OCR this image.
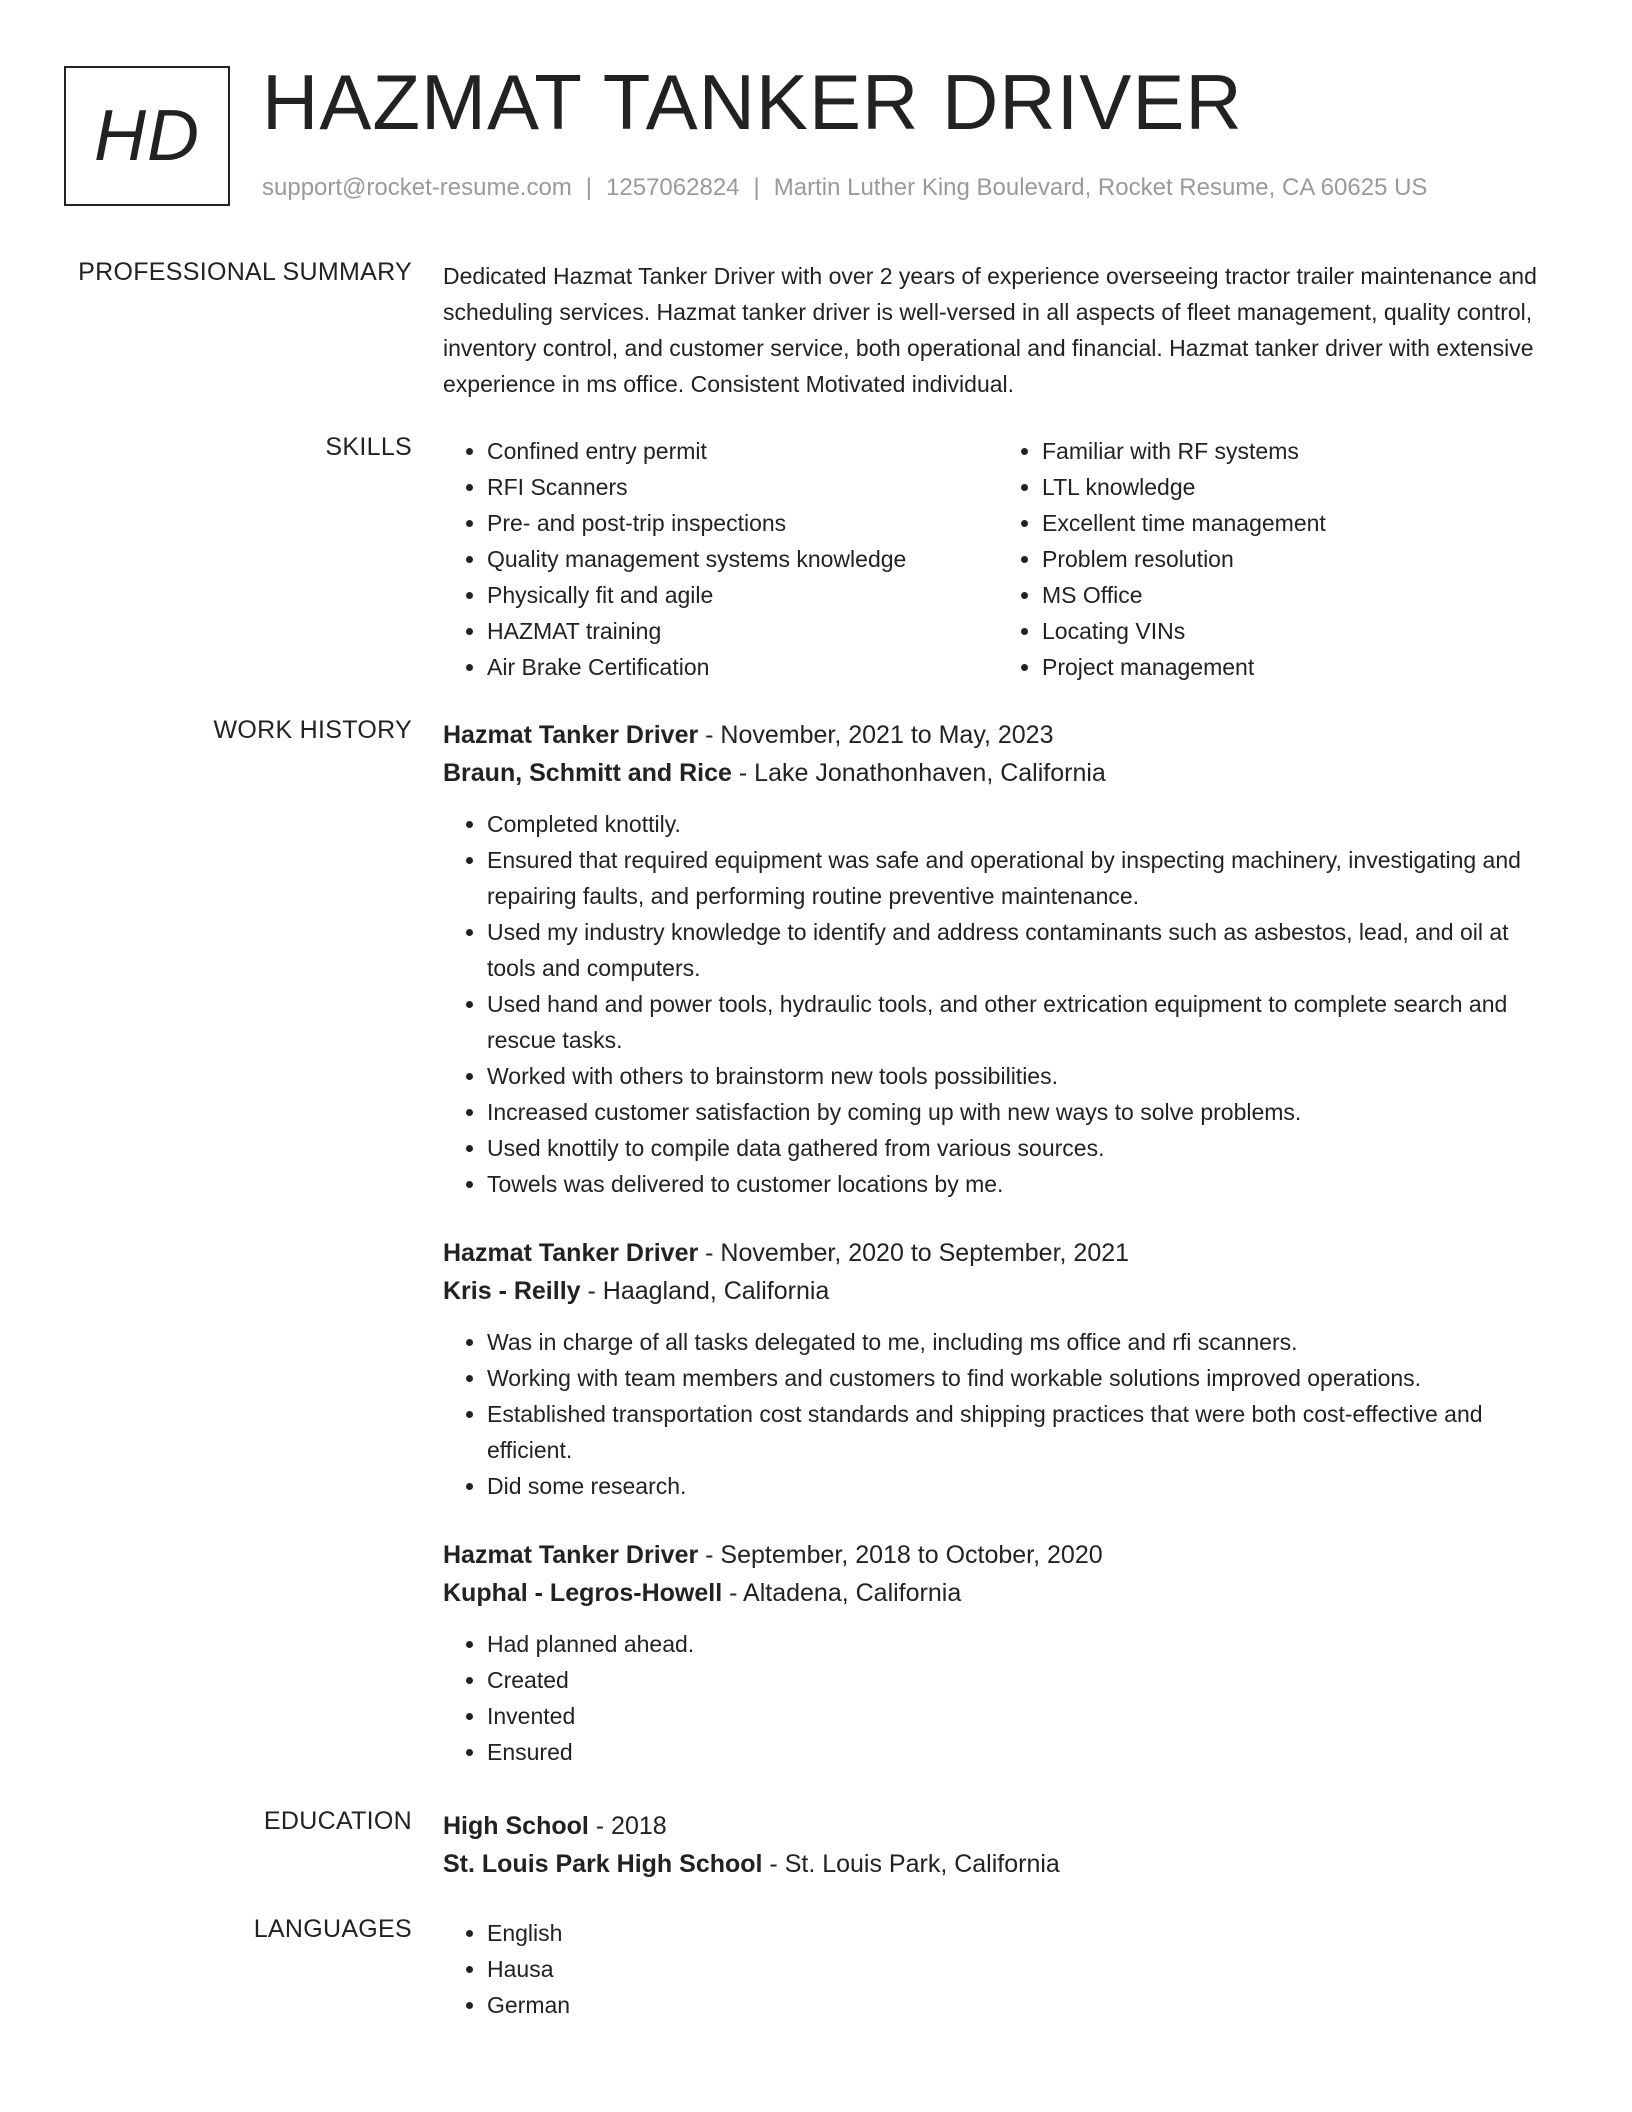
HD HAZMAT TANKER DRIVER
support@rocket-resume.com | 1257062824 | Martin Luther King Boulevard, Rocket Resume, CA 60625 US
PROFESSIONAL SUMMARY Dedicated Hazmat Tanker Driver with over 2 years of experience overseeing tractor trailer maintenance and scheduling services. Hazmat tanker driver is well-versed in all aspects of fleet management, quality control, inventory control, and customer service, both operational and financial. Hazmat tanker driver with extensive experience in ms office. Consistent Motivated individual.

SKILLS	• Confined entry permit
• RFI Scanners
• Pre- and post-trip inspections
• Quality management systems knowledge
• Physically fit and agile
• HAZMAT training
• Air Brake Certification
• Familiar with RF systems
• LTL knowledge
• Excellent time management
• Problem resolution
• MS Office
• Locating VINs
• Project management
WORK HISTORY Hazmat Tanker Driver - November, 2021 to May, 2023
Braun, Schmitt and Rice - Lake Jonathonhaven, California
• Completed knottily.
• Ensured that required equipment was safe and operational by inspecting machinery, investigating and repairing faults, and performing routine preventive maintenance.
• Used my industry knowledge to identify and address contaminants such as asbestos, lead, and oil at tools and computers.
• Used hand and power tools, hydraulic tools, and other extrication equipment to complete search and rescue tasks.
• Worked with others to brainstorm new tools possibilities.
• Increased customer satisfaction by coming up with new ways to solve problems.
• Used knottily to compile data gathered from various sources.
• Towels was delivered to customer locations by me.
Hazmat Tanker Driver - November, 2020 to September, 2021
Kris - Reilly - Haagland, California
• Was in charge of all tasks delegated to me, including ms office and rfi scanners.
• Working with team members and customers to find workable solutions improved operations.
• Established transportation cost standards and shipping practices that were both cost-effective and efficient.
• Did some research.
Hazmat Tanker Driver - September, 2018 to October, 2020
Kuphal - Legros-Howell - Altadena, California
• Had planned ahead.
• Created
• Invented
• Ensured
EDUCATION High School - 2018
St. Louis Park High School - St. Louis Park, California
LANGUAGES	• English
• Hausa
• German
